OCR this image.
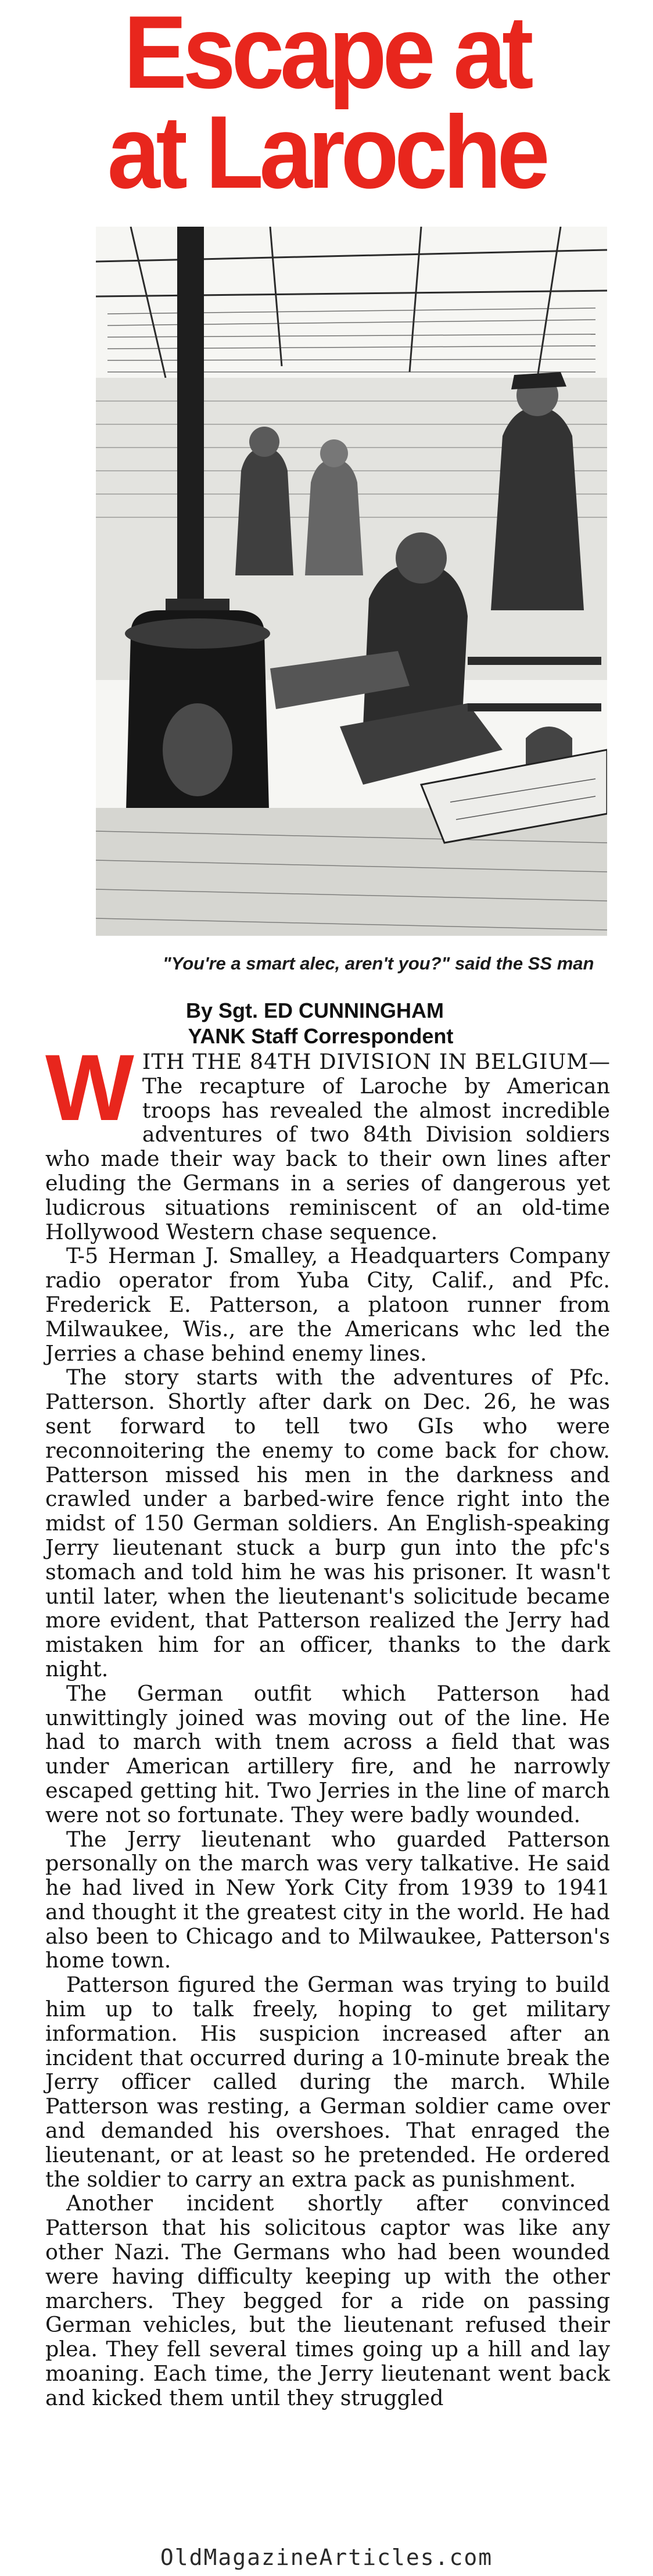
Escape at
at Laroche
"You're a smart alec, aren't you?" said the SS man
By Sgt. ED CUNNINGHAM
YANK Staff Correspondent

WITH THE 84TH DIVISION IN BELGIUM—The recapture of Laroche by American troops has revealed the almost incredible adventures of two 84th Division soldiers who made their way back to their own lines after eluding the Germans in a series of dangerous yet ludicrous situations reminiscent of an old-time Hollywood Western chase sequence.

T-5 Herman J. Smalley, a Headquarters Company radio operator from Yuba City, Calif., and Pfc. Frederick E. Patterson, a platoon runner from Milwaukee, Wis., are the Americans whc led the Jerries a chase behind enemy lines.

The story starts with the adventures of Pfc. Patterson. Shortly after dark on Dec. 26, he was sent forward to tell two GIs who were reconnoitering the enemy to come back for chow. Patterson missed his men in the darkness and crawled under a barbed-wire fence right into the midst of 150 German soldiers. An English-speaking Jerry lieutenant stuck a burp gun into the pfc's stomach and told him he was his prisoner. It wasn't until later, when the lieutenant's solicitude became more evident, that Patterson realized the Jerry had mistaken him for an officer, thanks to the dark night.

The German outfit which Patterson had unwittingly joined was moving out of the line. He had to march with tnem across a field that was under American artillery fire, and he narrowly escaped getting hit. Two Jerries in the line of march were not so fortunate. They were badly wounded.

The Jerry lieutenant who guarded Patterson personally on the march was very talkative. He said he had lived in New York City from 1939 to 1941 and thought it the greatest city in the world. He had also been to Chicago and to Milwaukee, Patterson's home town.

Patterson figured the German was trying to build him up to talk freely, hoping to get military information. His suspicion increased after an incident that occurred during a 10-minute break the Jerry officer called during the march. While Patterson was resting, a German soldier came over and demanded his overshoes. That enraged the lieutenant, or at least so he pretended. He ordered the soldier to carry an extra pack as punishment.

Another incident shortly after convinced Patterson that his solicitous captor was like any other Nazi. The Germans who had been wounded were having difficulty keeping up with the other marchers. They begged for a ride on passing German vehicles, but the lieutenant refused their plea. They fell several times going up a hill and lay moaning. Each time, the Jerry lieutenant went back and kicked them until they struggled

OldMagazineArticles.com
